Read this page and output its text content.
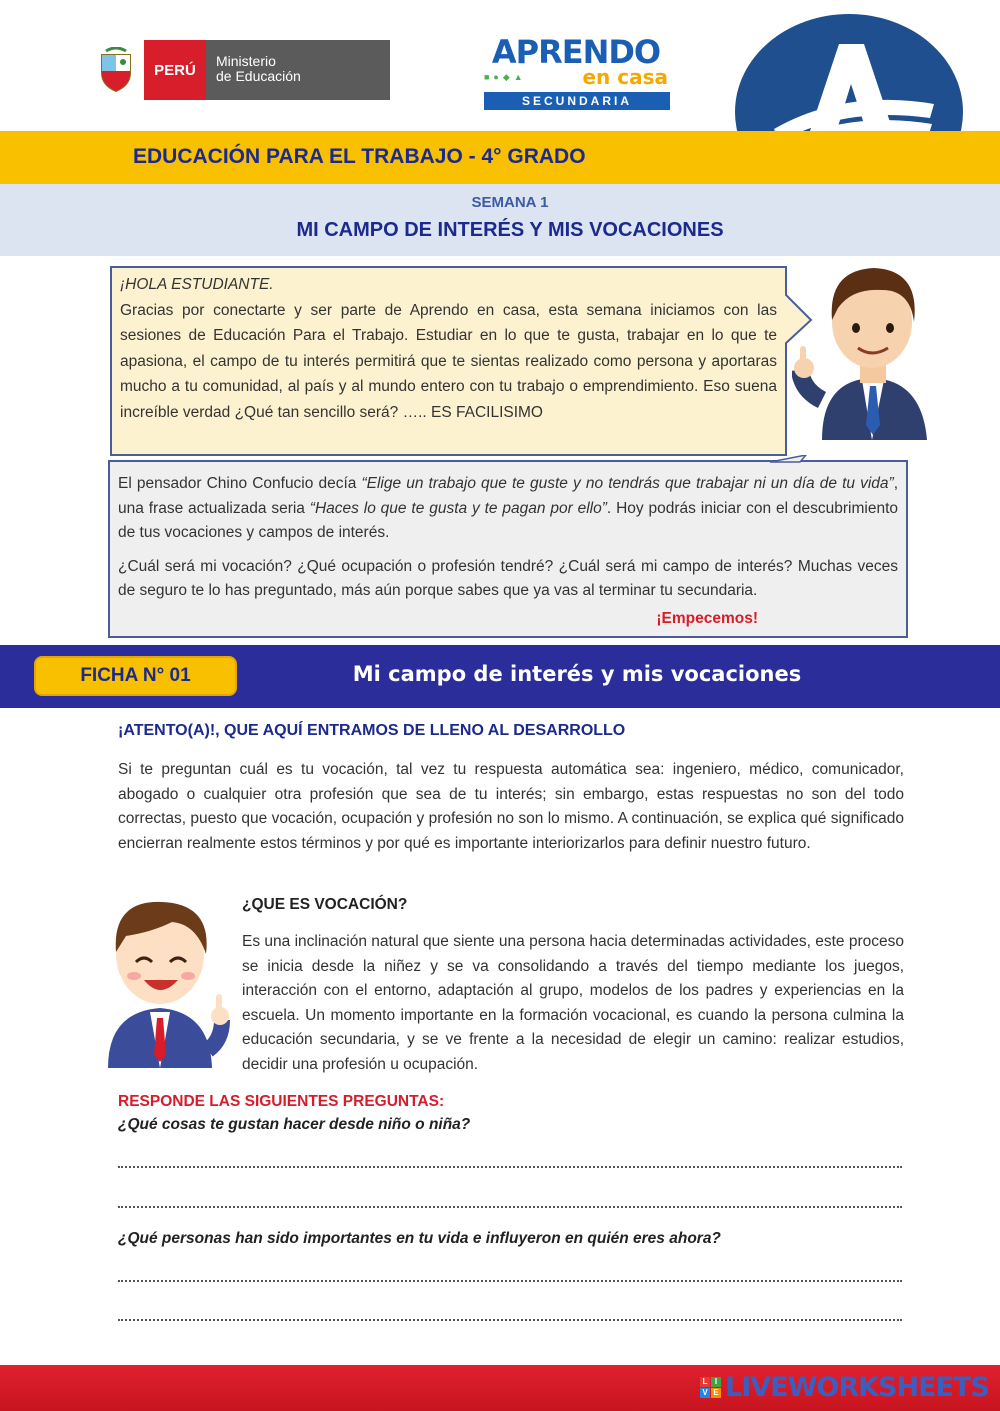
PERÚ
Ministerio
de Educación
APRENDO
■●◆▲	en casa
SECUNDARIA
EDUCACIÓN PARA EL TRABAJO - 4° GRADO
SEMANA 1
MI CAMPO DE INTERÉS Y MIS VOCACIONES
¡HOLA ESTUDIANTE.
Gracias por conectarte y ser parte de Aprendo en casa, esta semana iniciamos con las sesiones de Educación Para el Trabajo. Estudiar en lo que te gusta, trabajar en lo que te apasiona, el campo de tu interés permitirá que te sientas realizado como persona y aportaras mucho a tu comunidad, al país y al mundo entero con tu trabajo o emprendimiento. Eso suena increíble verdad ¿Qué tan sencillo será? ….. ES FACILISIMO

El pensador Chino Confucio decía “Elige un trabajo que te guste y no tendrás que trabajar ni un día de tu vida”, una frase actualizada seria “Haces lo que te gusta y te pagan por ello”. Hoy podrás iniciar con el descubrimiento de tus vocaciones y campos de interés.

¿Cuál será mi vocación? ¿Qué ocupación o profesión tendré? ¿Cuál será mi campo de interés? Muchas veces de seguro te lo has preguntado, más aún porque sabes que ya vas al terminar tu secundaria.

¡Empecemos!
FICHA N° 01	Mi campo de interés y mis vocaciones
¡ATENTO(A)!, QUE AQUÍ ENTRAMOS DE LLENO AL DESARROLLO
Si te preguntan cuál es tu vocación, tal vez tu respuesta automática sea: ingeniero, médico, comunicador, abogado o cualquier otra profesión que sea de tu interés; sin embargo, estas respuestas no son del todo correctas, puesto que vocación, ocupación y profesión no son lo mismo. A continuación, se explica qué significado encierran realmente estos términos y por qué es importante interiorizarlos para definir nuestro futuro.
¿QUE ES VOCACIÓN?
Es una inclinación natural que siente una persona hacia determinadas actividades, este proceso se inicia desde la niñez y se va consolidando a través del tiempo mediante los juegos, interacción con el entorno, adaptación al grupo, modelos de los padres y experiencias en la escuela. Un momento importante en la formación vocacional, es cuando la persona culmina la educación secundaria, y se ve frente a la necesidad de elegir un camino: realizar estudios, decidir una profesión u ocupación.
RESPONDE LAS SIGUIENTES PREGUNTAS:
¿Qué cosas te gustan hacer desde niño o niña?
¿Qué personas han sido importantes en tu vida e influyeron en quién eres ahora?
L I
V E LIVEWORKSHEETS
